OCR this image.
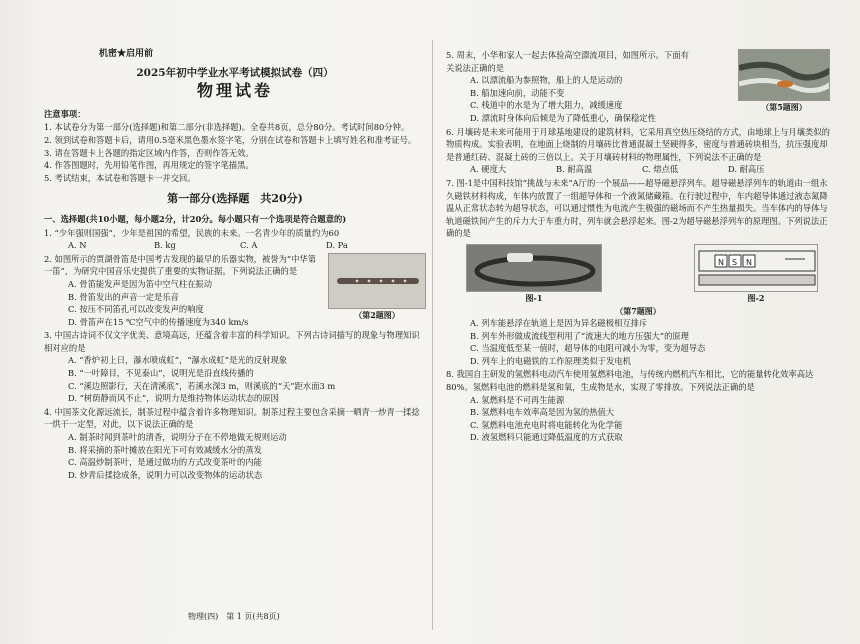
机密★启用前

2025年初中学业水平考试模拟试卷（四）

物理试卷

注意事项：

1. 本试卷分为第一部分(选择题)和第二部分(非选择题)。全卷共8页，总分80分。考试时间80分钟。

2. 领到试卷和答题卡后，请用0.5毫米黑色墨水签字笔，分别在试卷和答题卡上填写姓名和准考证号。

3. 请在答题卡上各题的指定区域内作答，否则作答无效。

4. 作答图题时，先用铅笔作图，再用规定的签字笔描黑。

5. 考试结束，本试卷和答题卡一并交回。

第一部分(选择题　共20分)

一、选择题(共10小题，每小题2分，计20分。每小题只有一个选项是符合题意的)

1. “少年强则国强”，少年是祖国的希望，民族的未来。一名青少年的质量约为60

A. N	B. kg	C. A	D. Pa

（第2题图）

2. 如图所示的贾湖骨笛是中国考古发现的最早的乐器实物，被誉为“中华第一笛”，为研究中国音乐史提供了重要的实物证据。下列说法正确的是

A. 骨笛能发声是因为笛中空气柱在振动

B. 骨笛发出的声音一定是乐音

C. 按压不同笛孔可以改变发声的响度

D. 骨笛声在15 ℃空气中的传播速度为340 km/s

3. 中国古诗词不仅文字优美、意境高远，还蕴含着丰富的科学知识。下列古诗词描写的现象与物理知识相对应的是

A. “香炉初上日，瀑水喷成虹”，“瀑水成虹”是光的反射现象

B. “一叶障目，不见泰山”，说明光是沿直线传播的

C. “溪边照影行，天在清溪底”，若溪水深3 m，则溪底的“天”距水面3 m

D. “树荫静而风不止”，说明力是维持物体运动状态的原因

4. 中国茶文化源远流长，制茶过程中蕴含着许多物理知识。制茶过程主要包含采摘一晒青一炒青一揉捻一烘干一定型，对此，以下说法正确的是

A. 制茶时闻到茶叶的清香，说明分子在不停地做无规则运动

B. 将采摘的茶叶摊放在阳光下可有效减缓水分的蒸发

C. 高温炒制茶叶，是通过做功的方式改变茶叶的内能

D. 炒青后揉捻成条，说明力可以改变物体的运动状态

物理(四)　第 1 页(共8页)

（第5题图）

5. 周末，小华和家人一起去体验高空漂流项目，如图所示。下面有

关说法正确的是

A. 以漂流船为参照物，船上的人是运动的

B. 船加速向前，动能不变

C. 栈道中的水是为了增大阻力，减缓速度

D. 漂流时身体向后倾是为了降低重心，确保稳定性

6. 月壤砖是未来可能用于月球基地建设的建筑材料，它采用真空热压烧结的方式，由地球上与月壤类似的物质构成。实验表明，在地面上烧制的月壤砖比普通混凝土坚硬得多，密度与普通砖块相当，抗压强度却是普通红砖、混凝土砖的三倍以上。关于月壤砖材料的物理属性，下列说法不正确的是

A. 硬度大	B. 耐高温	C. 熔点低	D. 耐高压

7. 图-1是中国科技馆“挑战与未来”A厅的一个展品——超导磁悬浮列车。超导磁悬浮列车的轨道由一组永久磁铁材料构成，车体内放置了一组超导体和一个液氮储藏箱。在行驶过程中，车内超导体通过液态氮降温从正常状态转为超导状态，可以通过惯性为电流产生极强的磁场而不产生热量损失。当车体内的导体与轨道磁铁间产生的斥力大于车重力时，列车就会悬浮起来。图-2为超导磁悬浮列车的原理图。下列说法正确的是

图-1

N S N

图-2

（第7题图）

A. 列车能悬浮在轨道上是因为异名磁极相互排斥

B. 列车外形做成流线型利用了“流速大的地方压强大”的原理

C. 当温度低至某一值时，超导体的电阻可减小为零，变为超导态

D. 列车上的电磁铁的工作原理类似于发电机

8. 我国自主研发的氢燃料电动汽车使用氢燃料电池，与传统内燃机汽车相比，它的能量转化效率高达80%。氢燃料电池的燃料是氢和氧，生成物是水，实现了零排放。下列说法正确的是

A. 氢燃料是不可再生能源

B. 氢燃料电车效率高是因为氢的热值大

C. 氢燃料电池充电时将电能转化为化学能

D. 液氢燃料只能通过降低温度的方式获取
